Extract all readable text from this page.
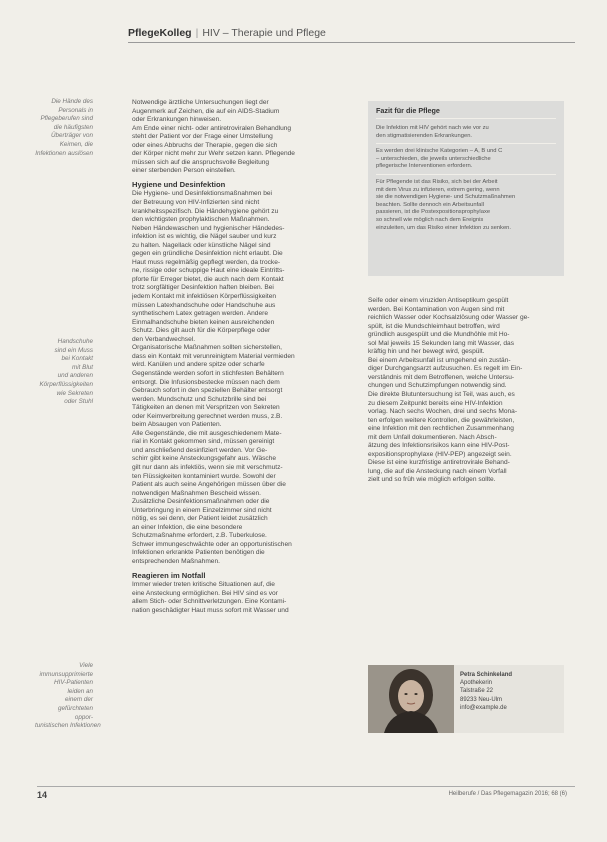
PflegeKolleg | HIV – Therapie und Pflege
Die Hände des
Personals in
Pflegeberufen sind
die häufigsten
Überträger von
Keimen, die
Infektionen auslösen
Handschuhe
sind ein Muss
bei Kontakt
mit Blut
und anderen
Körperflüssigkeiten
wie Sekreten
oder Stuhl
Viele
immunsupprimierte
HIV-Patienten
leiden an
einem der
gefürchteten
oppor-
tunistischen Infektionen

Notwendige ärztliche Untersuchungen liegt der
Augenmerk auf Zeichen, die auf ein AIDS-Stadium
oder Erkrankungen hinweisen.
Am Ende einer nicht- oder antiretroviralen Behandlung
steht der Patient vor der Frage einer Umstellung
oder eines Abbruchs der Therapie, gegen die sich
der Körper nicht mehr zur Wehr setzen kann. Pflegende
müssen sich auf die anspruchsvolle Begleitung
einer sterbenden Person einstellen.

Hygiene und Desinfektion

Die Hygiene- und Desinfektionsmaßnahmen bei
der Betreuung von HIV-Infizierten sind nicht
krankheitsspezifisch. Die Händehygiene gehört zu
den wichtigsten prophylaktischen Maßnahmen.
Neben Händewaschen und hygienischer Händedes-
infektion ist es wichtig, die Nägel sauber und kurz
zu halten. Nagellack oder künstliche Nägel sind
gegen ein gründliche Desinfektion nicht erlaubt. Die
Haut muss regelmäßig gepflegt werden, da trocke-
ne, rissige oder schuppige Haut eine ideale Eintritts-
pforte für Erreger bietet, die auch nach dem Kontakt
trotz sorgfältiger Desinfektion haften bleiben. Bei
jedem Kontakt mit infektiösen Körperflüssigkeiten
müssen Latexhandschuhe oder Handschuhe aus
synthetischem Latex getragen werden. Andere
Einmalhandschuhe bieten keinen ausreichenden
Schutz. Dies gilt auch für die Körperpflege oder
den Verbandwechsel.
Organisatorische Maßnahmen sollten sicherstellen,
dass ein Kontakt mit verunreinigtem Material vermieden
wird. Kanülen und andere spitze oder scharfe
Gegenstände werden sofort in stichfesten Behältern
entsorgt. Die Infusionsbestecke müssen nach dem
Gebrauch sofort in den speziellen Behälter entsorgt
werden. Mundschutz und Schutzbrille sind bei
Tätigkeiten an denen mit Verspritzen von Sekreten
oder Keimverbreitung gerechnet werden muss, z.B.
beim Absaugen von Patienten.

Alle Gegenstände, die mit ausgeschiedenem Mate-
rial in Kontakt gekommen sind, müssen gereinigt
und anschließend desinfiziert werden. Vor Ge-
schirr gibt keine Ansteckungsgefahr aus. Wäsche
gilt nur dann als infektiös, wenn sie mit verschmutz-
ten Flüssigkeiten kontaminiert wurde. Sowohl der
Patient als auch seine Angehörigen müssen über die
notwendigen Maßnahmen Bescheid wissen.

Zusätzliche Desinfektionsmaßnahmen oder die
Unterbringung in einem Einzelzimmer sind nicht
nötig, es sei denn, der Patient leidet zusätzlich
an einer Infektion, die eine besondere
Schutzmaßnahme erfordert, z.B. Tuberkulose.
Schwer immungeschwächte oder an opportunistischen
Infektionen erkrankte Patienten benötigen die
entsprechenden Maßnahmen.

Reagieren im Notfall

Immer wieder treten kritische Situationen auf, die
eine Ansteckung ermöglichen. Bei HIV sind es vor
allem Stich- oder Schnittverletzungen. Eine Kontami-
nation geschädigter Haut muss sofort mit Wasser und

Fazit für die Pflege
Die Infektion mit HIV gehört nach wie vor zu
den stigmatisierenden Erkrankungen.
Es werden drei klinische Kategorien – A, B und C
– unterschieden, die jeweils unterschiedliche
pflegerische Interventionen erfordern.
Für Pflegende ist das Risiko, sich bei der Arbeit
mit dem Virus zu infizieren, extrem gering, wenn
sie die notwendigen Hygiene- und Schutzmaßnahmen
beachten. Sollte dennoch ein Arbeitsunfall
passieren, ist die Postexpositionsprophylaxe
so schnell wie möglich nach dem Ereignis
einzuleiten, um das Risiko einer Infektion zu senken.

Seife oder einem viruziden Antiseptikum gespült
werden. Bei Kontamination von Augen sind mit
reichlich Wasser oder Kochsalzlösung oder Wasser ge-
spült, ist die Mundschleimhaut betroffen, wird
gründlich ausgespült und die Mundhöhle mit Ho-
sol Mal jeweils 15 Sekunden lang mit Wasser, das
kräftig hin und her bewegt wird, gespült.
Bei einem Arbeitsunfall ist umgehend ein zustän-
diger Durchgangsarzt aufzusuchen. Es regelt im Ein-
verständnis mit dem Betroffenen, welche Untersu-
chungen und Schutzimpfungen notwendig sind.
Die direkte Blutuntersuchung ist Teil, was auch, es
zu diesem Zeitpunkt bereits eine HIV-Infektion
vorlag. Nach sechs Wochen, drei und sechs Mona-
ten erfolgen weitere Kontrollen, die gewährleisten,
eine Infektion mit den rechtlichen Zusammenhang
mit dem Unfall dokumentieren. Nach Absch-
ätzung des Infektionsrisikos kann eine HIV-Post-
expositionsprophylaxe (HIV-PEP) angezeigt sein.
Diese ist eine kurzfristige antiretrovirale Behand-
lung, die auf die Ansteckung nach einem Vorfall
zielt und so früh wie möglich erfolgen sollte.

Petra Schinkeland
Apothekerin
Talstraße 22
89233 Neu-Ulm
info@example.de
14	Heilberufe / Das Pflegemagazin 2016; 68 (6)
